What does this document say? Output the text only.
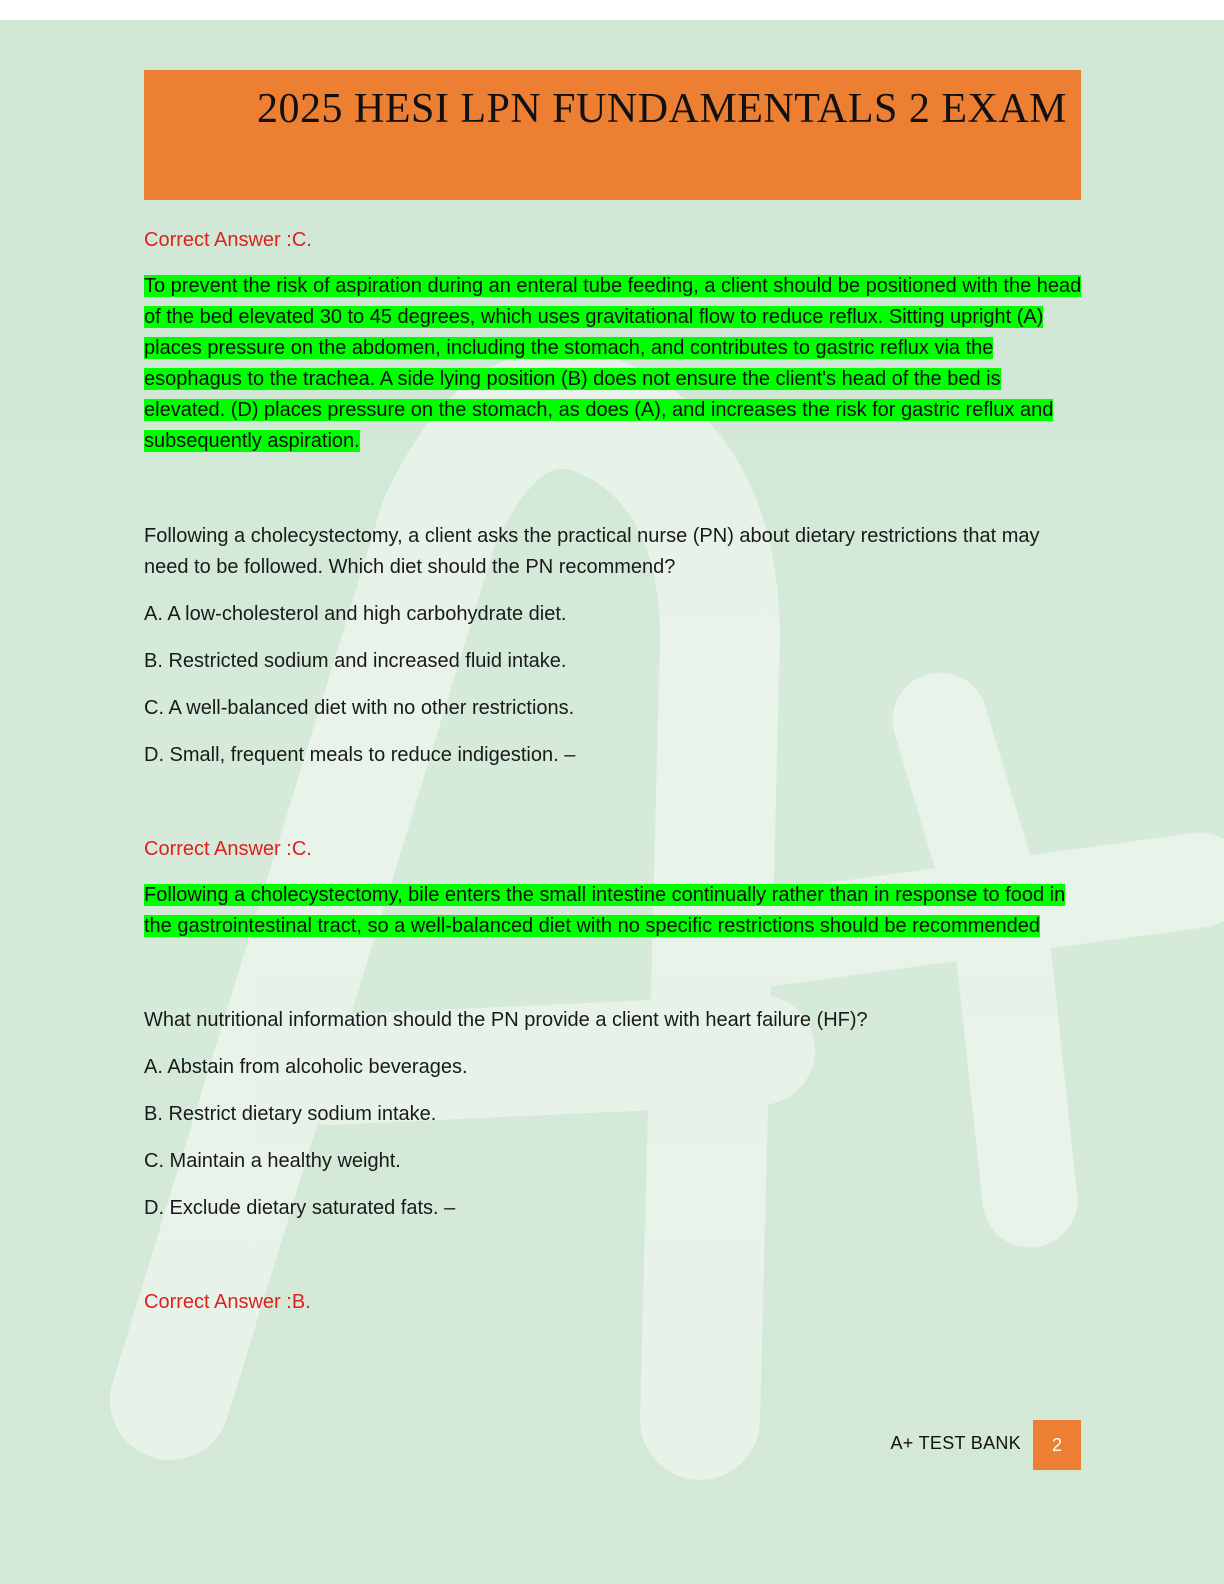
2025 HESI LPN FUNDAMENTALS 2 EXAM

Correct Answer :C.

To prevent the risk of aspiration during an enteral tube feeding, a client should be positioned with the head of the bed elevated 30 to 45 degrees, which uses gravitational flow to reduce reflux. Sitting upright (A) places pressure on the abdomen, including the stomach, and contributes to gastric reflux via the esophagus to the trachea. A side lying position (B) does not ensure the client's head of the bed is elevated. (D) places pressure on the stomach, as does (A), and increases the risk for gastric reflux and subsequently aspiration.

Following a cholecystectomy, a client asks the practical nurse (PN) about dietary restrictions that may need to be followed. Which diet should the PN recommend?

A. A low-cholesterol and high carbohydrate diet.

B. Restricted sodium and increased fluid intake.

C. A well-balanced diet with no other restrictions.

D. Small, frequent meals to reduce indigestion. –

Correct Answer :C.

Following a cholecystectomy, bile enters the small intestine continually rather than in response to food in the gastrointestinal tract, so a well-balanced diet with no specific restrictions should be recommended

What nutritional information should the PN provide a client with heart failure (HF)?

A. Abstain from alcoholic beverages.

B. Restrict dietary sodium intake.

C. Maintain a healthy weight.

D. Exclude dietary saturated fats. –

Correct Answer :B.

A+ TEST BANK	2
